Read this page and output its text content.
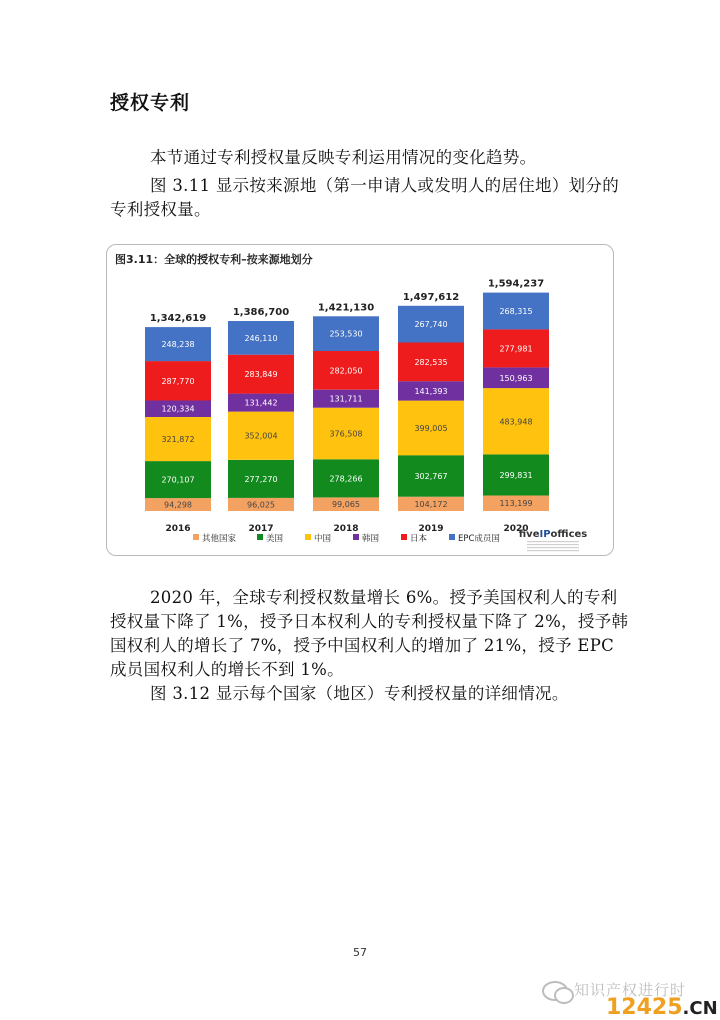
授权专利
本节通过专利授权量反映专利运用情况的变化趋势。
图 3.11 显示按来源地（第一申请人或发明人的居住地）划分的专利授权量。
图3.11：全球的授权专利–按来源地划分
94,298
270,107
321,872
120,334
287,770
248,238
1,342,619
2016
96,025
277,270
352,004
131,442
283,849
246,110
1,386,700
2017
99,065
278,266
376,508
131,711
282,050
253,530
1,421,130
2018
104,172
302,767
399,005
141,393
282,535
267,740
1,497,612
2019
113,199
299,831
483,948
150,963
277,981
268,315
1,594,237
2020
其他国家	美国	中国	韩国	日本	EPC成员国 fiveIPoffices
2020 年，全球专利授权数量增长 6%。授予美国权利人的专利授权量下降了 1%，授予日本权利人的专利授权量下降了 2%，授予韩国权利人的增长了 7%，授予中国权利人的增加了 21%，授予 EPC 成员国权利人的增长不到 1%。
图 3.12 显示每个国家（地区）专利授权量的详细情况。
57
知识产权进行时
12425.CN
